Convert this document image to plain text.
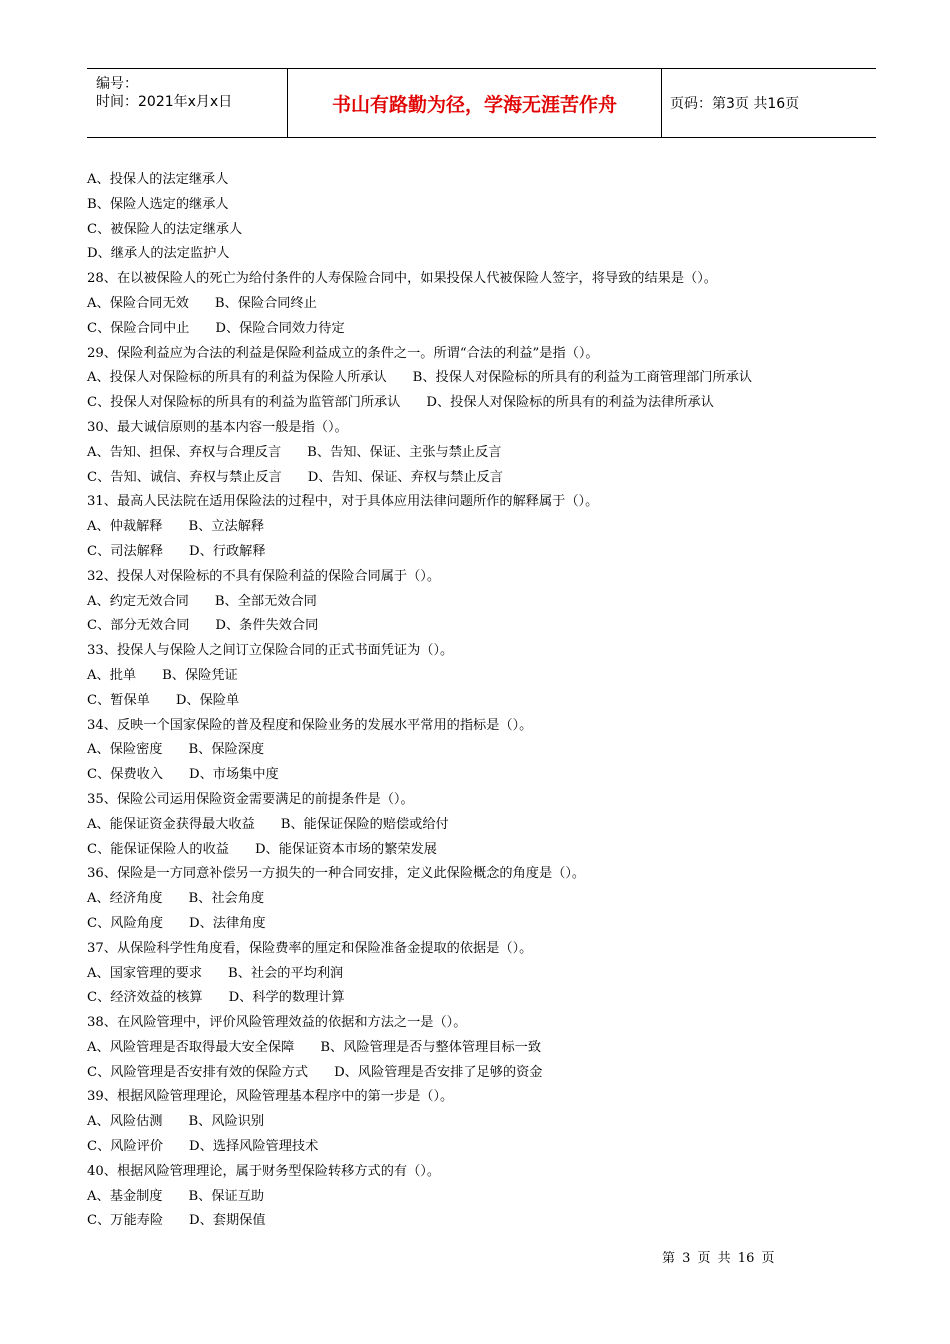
编号：
时间：2021年x月x日	书山有路勤为径，学海无涯苦作舟	页码：第3页 共16页
A、投保人的法定继承人
B、保险人选定的继承人
C、被保险人的法定继承人
D、继承人的法定监护人
28、在以被保险人的死亡为给付条件的人寿保险合同中，如果投保人代被保险人签字，将导致的结果是（）。
A、保险合同无效 B、保险合同终止
C、保险合同中止 D、保险合同效力待定
29、保险利益应为合法的利益是保险利益成立的条件之一。所谓“合法的利益”是指（）。
A、投保人对保险标的所具有的利益为保险人所承认 B、投保人对保险标的所具有的利益为工商管理部门所承认
C、投保人对保险标的所具有的利益为监管部门所承认 D、投保人对保险标的所具有的利益为法律所承认
30、最大诚信原则的基本内容一般是指（）。
A、告知、担保、弃权与合理反言 B、告知、保证、主张与禁止反言
C、告知、诚信、弃权与禁止反言 D、告知、保证、弃权与禁止反言
31、最高人民法院在适用保险法的过程中，对于具体应用法律问题所作的解释属于（）。
A、仲裁解释 B、立法解释
C、司法解释 D、行政解释
32、投保人对保险标的不具有保险利益的保险合同属于（）。
A、约定无效合同 B、全部无效合同
C、部分无效合同 D、条件失效合同
33、投保人与保险人之间订立保险合同的正式书面凭证为（）。
A、批单 B、保险凭证
C、暂保单 D、保险单
34、反映一个国家保险的普及程度和保险业务的发展水平常用的指标是（）。
A、保险密度 B、保险深度
C、保费收入 D、市场集中度
35、保险公司运用保险资金需要满足的前提条件是（）。
A、能保证资金获得最大收益 B、能保证保险的赔偿或给付
C、能保证保险人的收益 D、能保证资本市场的繁荣发展
36、保险是一方同意补偿另一方损失的一种合同安排，定义此保险概念的角度是（）。
A、经济角度 B、社会角度
C、风险角度 D、法律角度
37、从保险科学性角度看，保险费率的厘定和保险准备金提取的依据是（）。
A、国家管理的要求 B、社会的平均利润
C、经济效益的核算 D、科学的数理计算
38、在风险管理中，评价风险管理效益的依据和方法之一是（）。
A、风险管理是否取得最大安全保障 B、风险管理是否与整体管理目标一致
C、风险管理是否安排有效的保险方式 D、风险管理是否安排了足够的资金
39、根据风险管理理论，风险管理基本程序中的第一步是（）。
A、风险估测 B、风险识别
C、风险评价 D、选择风险管理技术
40、根据风险管理理论，属于财务型保险转移方式的有（）。
A、基金制度 B、保证互助
C、万能寿险 D、套期保值
第 3 页 共 16 页
